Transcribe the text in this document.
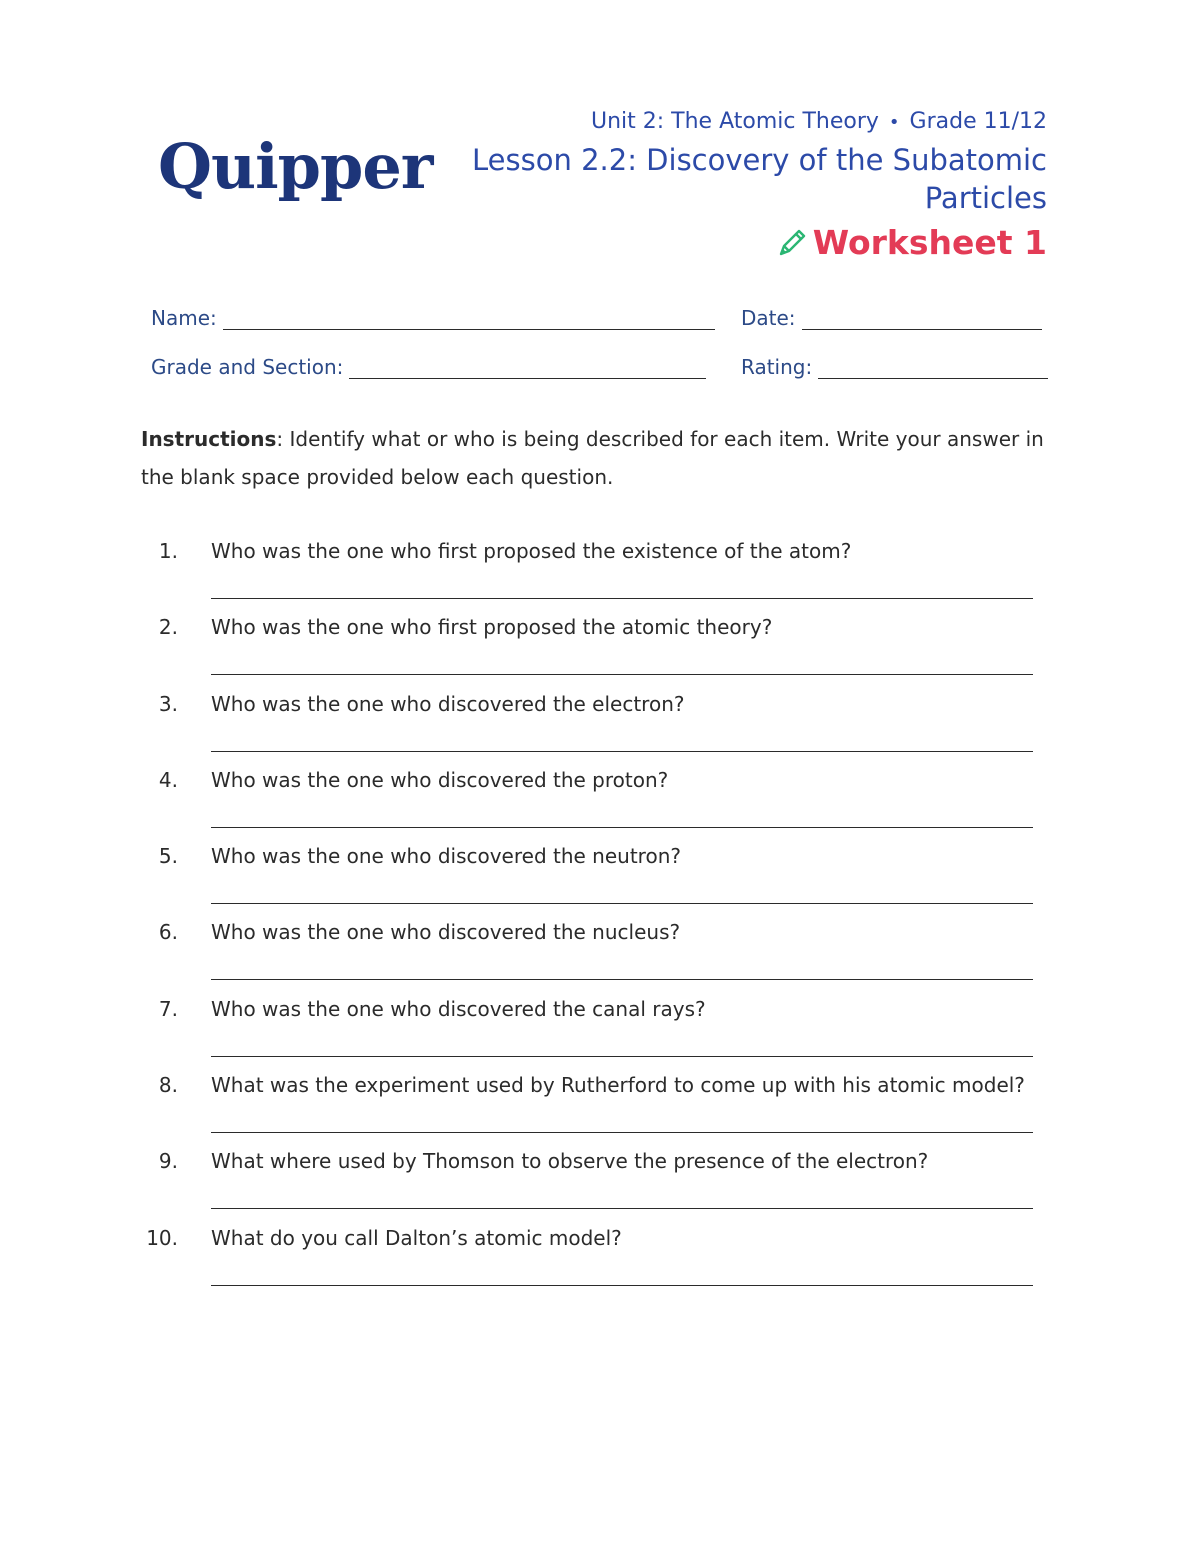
Quipper
Unit 2: The Atomic Theory • Grade 11/12
Lesson 2.2: Discovery of the Subatomic Particles
Worksheet 1
Name:	Date:
Grade and Section:	Rating:
Instructions: Identify what or who is being described for each item. Write your answer in the blank space provided below each question.
1. Who was the one who first proposed the existence of the atom?
2. Who was the one who first proposed the atomic theory?
3. Who was the one who discovered the electron?
4. Who was the one who discovered the proton?
5. Who was the one who discovered the neutron?
6. Who was the one who discovered the nucleus?
7. Who was the one who discovered the canal rays?
8. What was the experiment used by Rutherford to come up with his atomic model?
9. What where used by Thomson to observe the presence of the electron?
10. What do you call Dalton’s atomic model?
